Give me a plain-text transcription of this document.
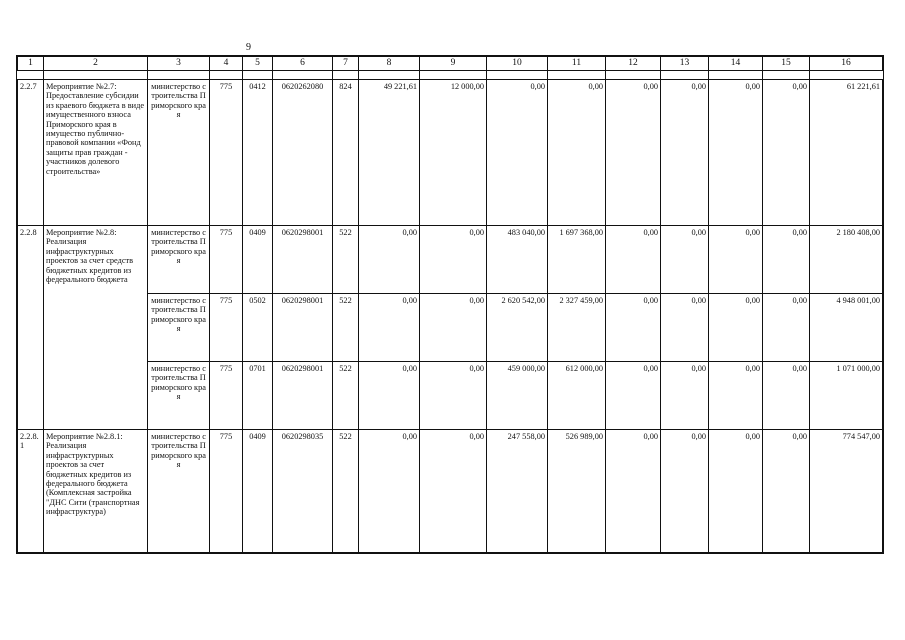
9
1	2	3	4	5	6	7	8	9	10	11	12	13	14	15	16

2.2.7	Мероприятие №2.7: Предоставление субсидии из краевого бюджета в виде имущественного взноса Приморского края в имущество публично-правовой компании «Фонд защиты прав граждан - участников долевого строительства»	министерство строительства Приморского края	775	0412	0620262080	824	49 221,61	12 000,00	0,00	0,00	0,00	0,00	0,00	0,00	61 221,61
2.2.8	Мероприятие №2.8: Реализация инфраструктурных проектов за счет средств бюджетных кредитов из федерального бюджета	министерство строительства Приморского края	775	0409	0620298001	522	0,00	0,00	483 040,00	1 697 368,00	0,00	0,00	0,00	0,00	2 180 408,00
		министерство строительства Приморского края	775	0502	0620298001	522	0,00	0,00	2 620 542,00	2 327 459,00	0,00	0,00	0,00	0,00	4 948 001,00
		министерство строительства Приморского края	775	0701	0620298001	522	0,00	0,00	459 000,00	612 000,00	0,00	0,00	0,00	0,00	1 071 000,00
2.2.8.1	Мероприятие №2.8.1: Реализация инфраструктурных проектов за счет бюджетных кредитов из федерального бюджета (Комплексная застройка "ДНС Сити (транспортная инфраструктура)	министерство строительства Приморского края	775	0409	0620298035	522	0,00	0,00	247 558,00	526 989,00	0,00	0,00	0,00	0,00	774 547,00
